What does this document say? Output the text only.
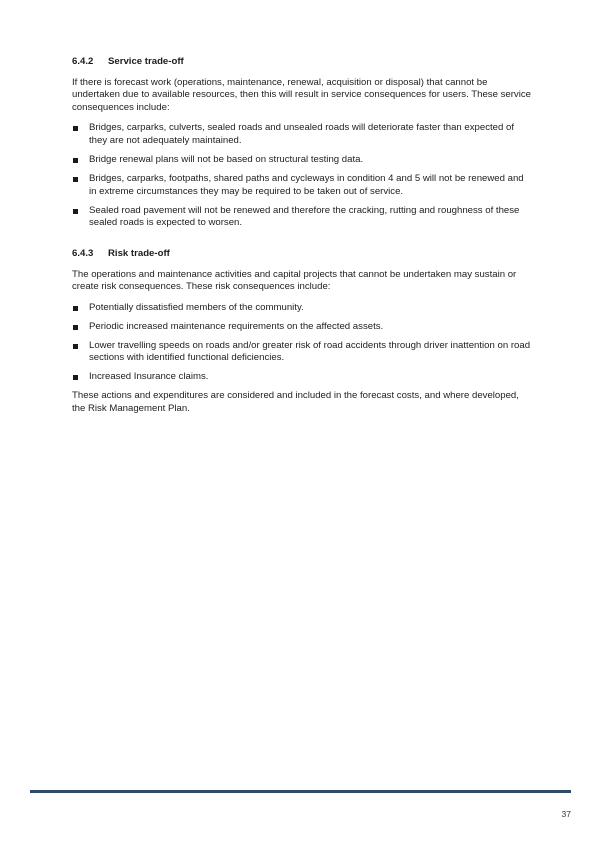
6.4.2	Service trade-off

If there is forecast work (operations, maintenance, renewal, acquisition or disposal) that cannot be undertaken due to available resources, then this will result in service consequences for users. These service consequences include:

Bridges, carparks, culverts, sealed roads and unsealed roads will deteriorate faster than expected of they are not adequately maintained.
Bridge renewal plans will not be based on structural testing data.
Bridges, carparks, footpaths, shared paths and cycleways in condition 4 and 5 will not be renewed and in extreme circumstances they may be required to be taken out of service.
Sealed road pavement will not be renewed and therefore the cracking, rutting and roughness of these sealed roads is expected to worsen.
6.4.3	Risk trade-off

The operations and maintenance activities and capital projects that cannot be undertaken may sustain or create risk consequences. These risk consequences include:

Potentially dissatisfied members of the community.
Periodic increased maintenance requirements on the affected assets.
Lower travelling speeds on roads and/or greater risk of road accidents through driver inattention on road sections with identified functional deficiencies.
Increased Insurance claims.

These actions and expenditures are considered and included in the forecast costs, and where developed, the Risk Management Plan.

37
